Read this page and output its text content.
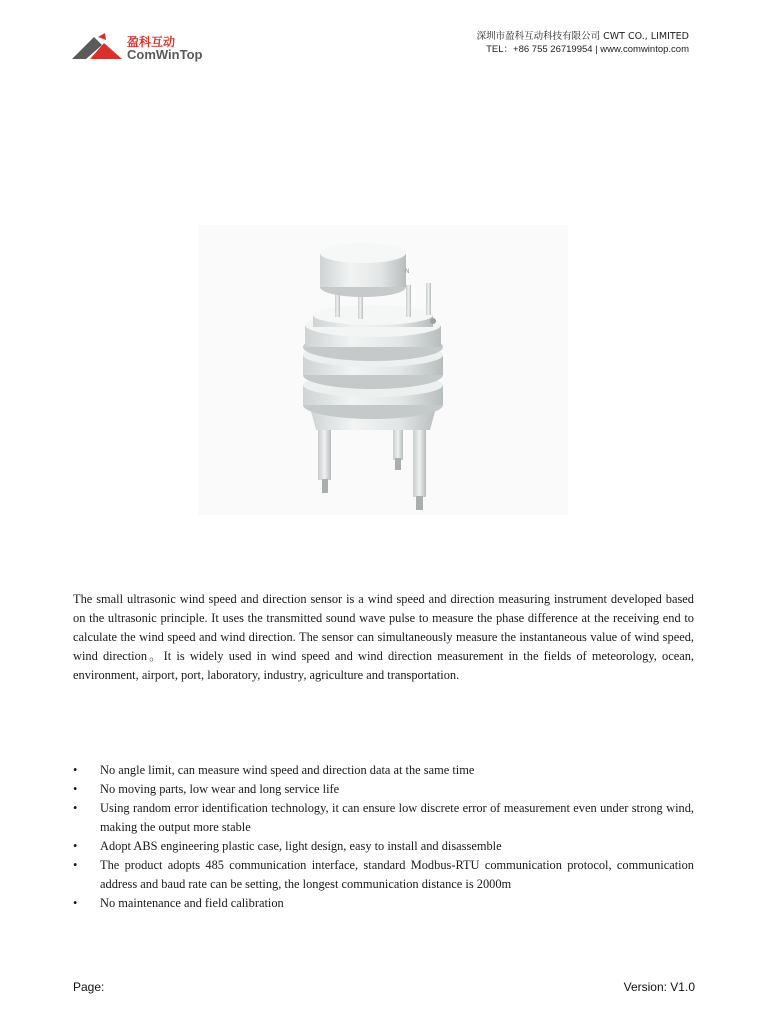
盈科互动
ComWinTop
深圳市盈科互动科技有限公司 CWT CO., LIMITED
TEL：+86 755 26719954 | www.comwintop.com
N

The small ultrasonic wind speed and direction sensor is a wind speed and direction measuring instrument developed based on the ultrasonic principle. It uses the transmitted sound wave pulse to measure the phase difference at the receiving end to calculate the wind speed and wind direction. The sensor can simultaneously measure the instantaneous value of wind speed, wind direction。It is widely used in wind speed and wind direction measurement in the fields of meteorology, ocean, environment, airport, port, laboratory, industry, agriculture and transportation.

• No angle limit, can measure wind speed and direction data at the same time
• No moving parts, low wear and long service life
• Using random error identification technology, it can ensure low discrete error of measurement even under strong wind, making the output more stable
• Adopt ABS engineering plastic case, light design, easy to install and disassemble
• The product adopts 485 communication interface, standard Modbus-RTU communication protocol, communication address and baud rate can be setting, the longest communication distance is 2000m
• No maintenance and field calibration
Page:	Version: V1.0
